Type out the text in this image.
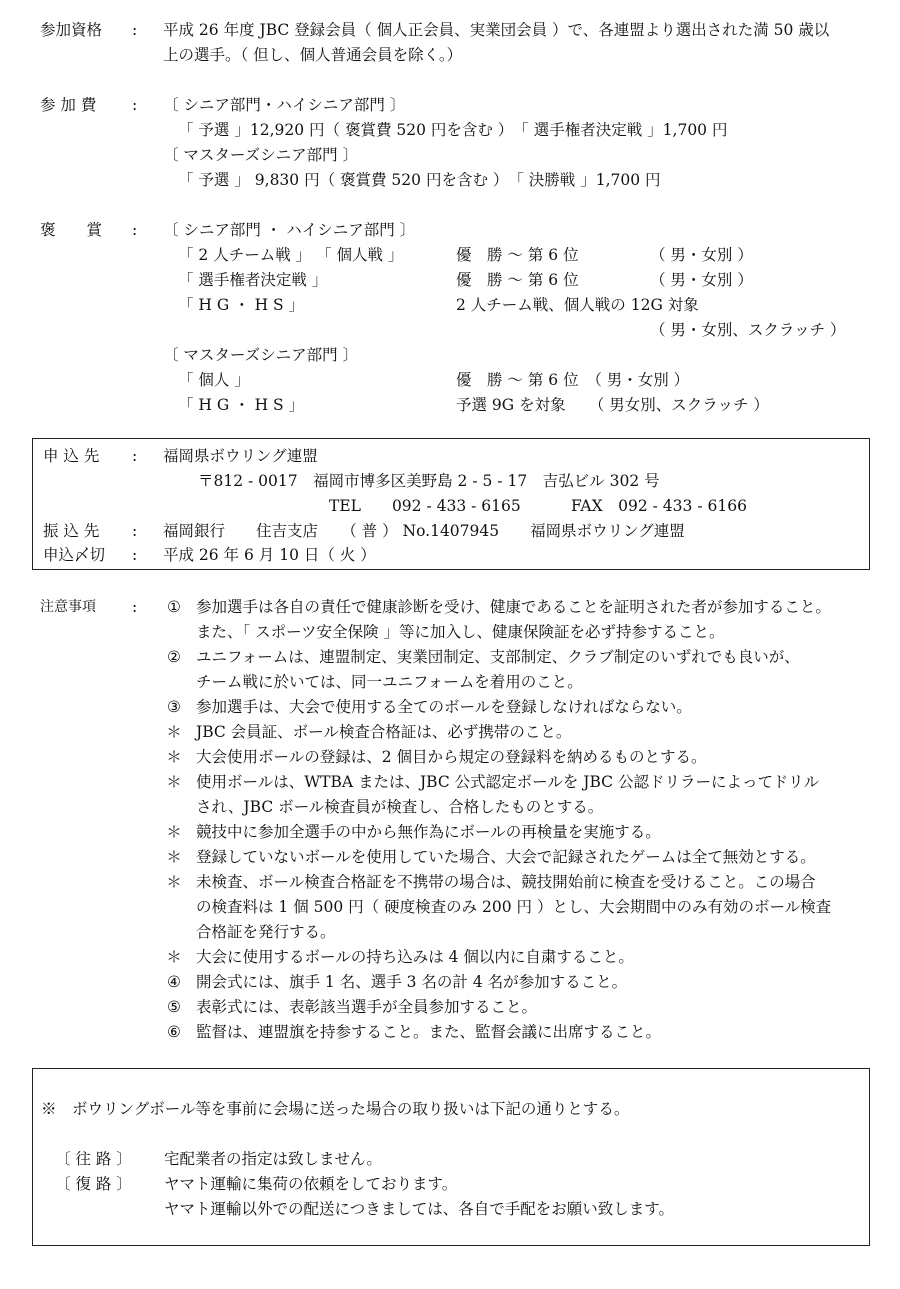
参加資格	: 平成 26 年度 JBC 登録会員（ 個人正会員、実業団会員 ）で、各連盟より選出された満 50 歳以
上の選手。（ 但し、個人普通会員を除く。）
参 加 費	: 〔 シニア部門・ハイシニア部門 〕
「 予選 」12,920 円（ 褒賞費 520 円を含む ）　「 選手権者決定戦 」1,700 円
〔 マスターズシニア部門 〕
「 予選 」 9,830 円（ 褒賞費 520 円を含む ）　「 決勝戦 」1,700 円
褒　　賞	: 〔 シニア部門 ・ ハイシニア部門 〕
「 2 人チーム戦 」 「 個人戦 」	優　勝 ～ 第 6 位	（ 男・女別 ）
「 選手権者決定戦 」	優　勝 ～ 第 6 位	（ 男・女別 ）
「 H G ・ H S 」	2 人チーム戦、個人戦の 12G 対象
（ 男・女別、スクラッチ ）
〔 マスターズシニア部門 〕
「 個人 」	優　勝 ～ 第 6 位　（ 男・女別 ）
「 H G ・ H S 」	予選 9G を対象　　（ 男女別、スクラッチ ）
申 込 先	: 福岡県ボウリング連盟
〒812 - 0017　福岡市博多区美野島 2 - 5 - 17　吉弘ビル 302 号
TEL　　092 - 433 - 6165	FAX　092 - 433 - 6166
振 込 先	: 福岡銀行　　住吉支店　　（ 普 ） No.1407945　　福岡県ボウリング連盟
申込〆切	: 平成 26 年 6 月 10 日（ 火 ）
注意事項	: ① 参加選手は各自の責任で健康診断を受け、健康であることを証明された者が参加すること。
また、「 スポーツ安全保険 」等に加入し、健康保険証を必ず持参すること。
② ユニフォームは、連盟制定、実業団制定、支部制定、クラブ制定のいずれでも良いが、
チーム戦に於いては、同一ユニフォームを着用のこと。
③ 参加選手は、大会で使用する全てのボールを登録しなければならない。
＊ JBC 会員証、ボール検査合格証は、必ず携帯のこと。
＊ 大会使用ボールの登録は、2 個目から規定の登録料を納めるものとする。
＊ 使用ボールは、WTBA または、JBC 公式認定ボールを JBC 公認ドリラーによってドリル
され、JBC ボール検査員が検査し、合格したものとする。
＊ 競技中に参加全選手の中から無作為にボールの再検量を実施する。
＊ 登録していないボールを使用していた場合、大会で記録されたゲームは全て無効とする。
＊ 未検査、ボール検査合格証を不携帯の場合は、競技開始前に検査を受けること。この場合
の検査料は 1 個 500 円（ 硬度検査のみ 200 円 ）とし、大会期間中のみ有効のボール検査
合格証を発行する。
＊ 大会に使用するボールの持ち込みは 4 個以内に自粛すること。
④ 開会式には、旗手 1 名、選手 3 名の計 4 名が参加すること。
⑤ 表彰式には、表彰該当選手が全員参加すること。
⑥ 監督は、連盟旗を持参すること。また、監督会議に出席すること。
※　ボウリングボール等を事前に会場に送った場合の取り扱いは下記の通りとする。
〔 往 路 〕 宅配業者の指定は致しません。
〔 復 路 〕 ヤマト運輸に集荷の依頼をしております。
ヤマト運輸以外での配送につきましては、各自で手配をお願い致します。
